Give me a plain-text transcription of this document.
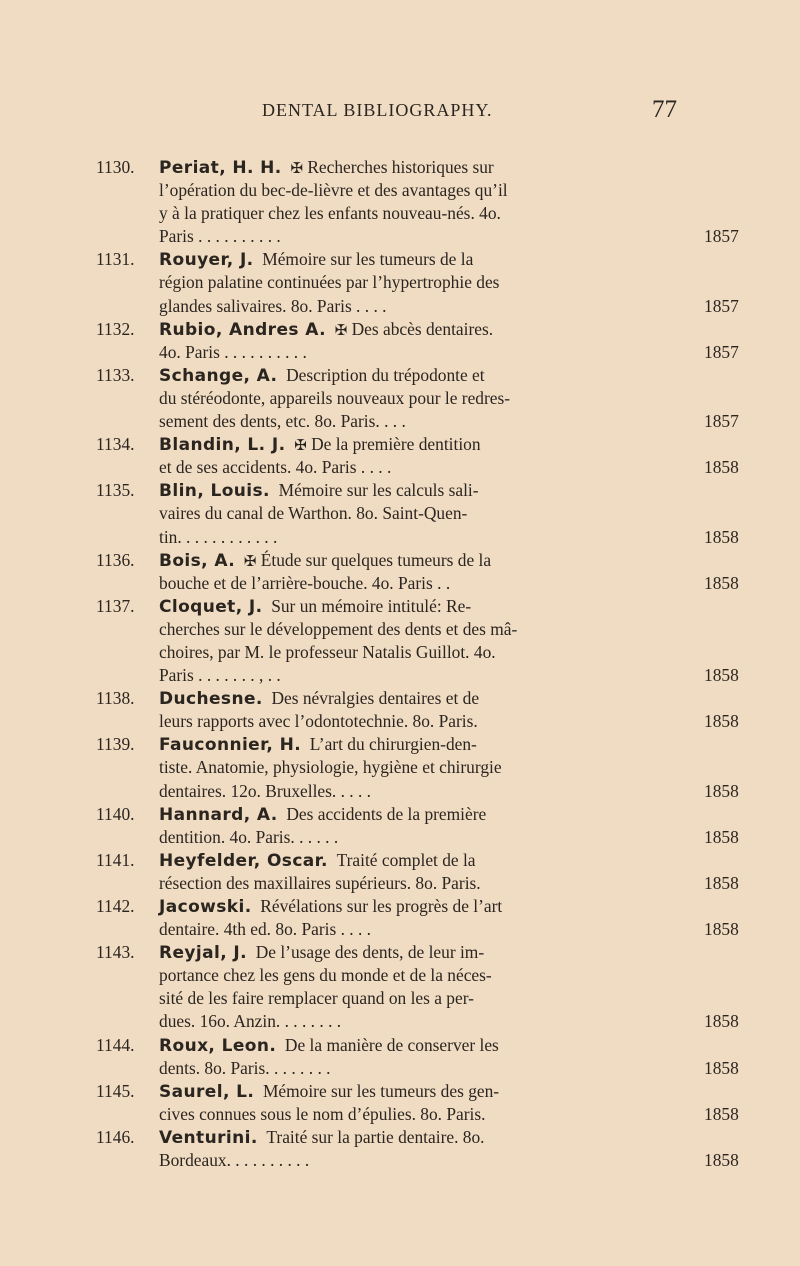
DENTAL BIBLIOGRAPHY.	77
1130. Periat, H. H.  ✠ Recherches historiques sur
l’opération du bec-de-lièvre et des avantages qu’il
y à la pratiquer chez les enfants nouveau-nés. 4o.
Paris . . . . . . . . . .	1857
1131. Rouyer, J.  Mémoire sur les tumeurs de la
région palatine continuées par l’hypertrophie des
glandes salivaires. 8o. Paris . . . .	1857
1132. Rubio, Andres A.  ✠ Des abcès dentaires.
4o. Paris . . . . . . . . . .	1857
1133. Schange, A.  Description du trépodonte et
du stéréodonte, appareils nouveaux pour le redres-
sement des dents, etc. 8o. Paris. . . .	1857
1134. Blandin, L. J.  ✠ De la première dentition
et de ses accidents. 4o. Paris . . . .	1858
1135. Blin, Louis.  Mémoire sur les calculs sali-
vaires du canal de Warthon. 8o. Saint-Quen-
tin. . . . . . . . . . . .	1858
1136. Bois, A.  ✠ Étude sur quelques tumeurs de la
bouche et de l’arrière-bouche. 4o. Paris . .	1858
1137. Cloquet, J.  Sur un mémoire intitulé: Re-
cherches sur le développement des dents et des mâ-
choires, par M. le professeur Natalis Guillot. 4o.
Paris . . . . . . . , . .	1858
1138. Duchesne.  Des névralgies dentaires et de
leurs rapports avec l’odontotechnie. 8o. Paris.	1858
1139. Fauconnier, H.  L’art du chirurgien-den-
tiste. Anatomie, physiologie, hygiène et chirurgie
dentaires. 12o. Bruxelles. . . . .	1858
1140. Hannard, A.  Des accidents de la première
dentition. 4o. Paris. . . . . .	1858
1141. Heyfelder, Oscar.  Traité complet de la
résection des maxillaires supérieurs. 8o. Paris.	1858
1142. Jacowski.  Révélations sur les progrès de l’art
dentaire. 4th ed. 8o. Paris . . . .	1858
1143. Reyjal, J.  De l’usage des dents, de leur im-
portance chez les gens du monde et de la néces-
sité de les faire remplacer quand on les a per-
dues. 16o. Anzin. . . . . . . .	1858
1144. Roux, Leon.  De la manière de conserver les
dents. 8o. Paris. . . . . . . .	1858
1145. Saurel, L.  Mémoire sur les tumeurs des gen-
cives connues sous le nom d’épulies. 8o. Paris.	1858
1146. Venturini.  Traité sur la partie dentaire. 8o.
Bordeaux. . . . . . . . . .	1858
